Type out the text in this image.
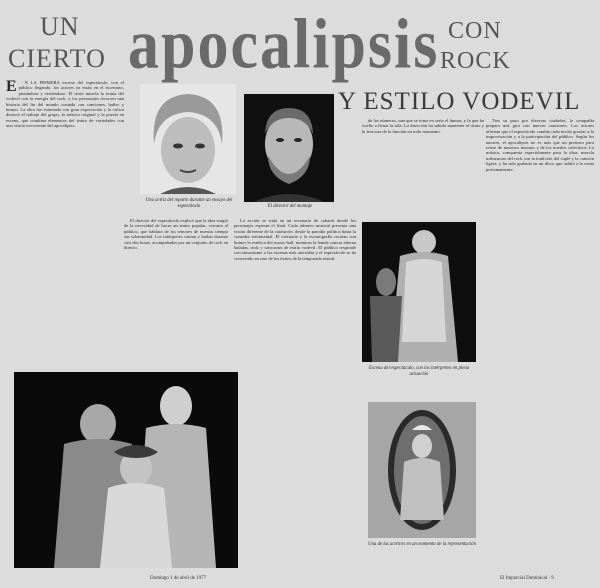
UN
CIERTO apocalipsis CON
ROCK
Y ESTILO VODEVIL
E	N LA PRIMERA escena del espectáculo, con el público llegando, los actores ya están en el escenario, pintándose y vistiéndose. El texto mezcla la ironía del vodevil con la energía del rock, y los personajes recorren una historia del fin del mundo contada con canciones, bailes y humor. La obra fue estrenada con gran expectación y la crítica destacó el trabajo del grupo, la música original y la puesta en escena, que combina elementos del teatro de variedades con una visión irreverente del apocalipsis.

Una actriz del reparto durante un ensayo del espectáculo	El director del montaje

El director del espectáculo explicó que la idea surgió de la necesidad de hacer un teatro popular, cercano al público, que hablara de los temores de nuestro tiempo sin solemnidad. Los intérpretes cantan y bailan durante casi dos horas, acompañados por un conjunto de rock en directo.

La acción se sitúa en un escenario de cabaret donde los personajes esperan el final. Cada número musical presenta una visión diferente de la catástrofe, desde la parodia política hasta la comedia sentimental. El vestuario y la escenografía recrean con humor la estética del music-hall, mientras la banda sonora alterna baladas, rock y canciones de estilo vodevil. El público responde con entusiasmo a las escenas más atrevidas y el espectáculo se ha convertido en uno de los éxitos de la temporada teatral.

de los números, una que se toma en serio el humor, y la que ha vuelto a llenar la sala. La dirección ha sabido mantener el ritmo y la frescura de la función en todo momento.

Tras su paso por diversas ciudades, la compañía prepara una gira con nuevas canciones. Los actores afirman que el espectáculo cambia cada noche gracias a la improvisación y a la participación del público. Según los autores, el apocalipsis no es más que un pretexto para reírse de nosotros mismos y de los miedos colectivos. La música, compuesta especialmente para la obra, mezcla influencias del rock con la tradición del cuplé y la canción ligera, y ha sido grabada en un disco que saldrá a la venta próximamente.

Escena del espectáculo, con los intérpretes en plena actuación
Una de las actrices en un momento de la representación
Domingo 1 de abril de 1977	El Imparcial Dominical · 9
